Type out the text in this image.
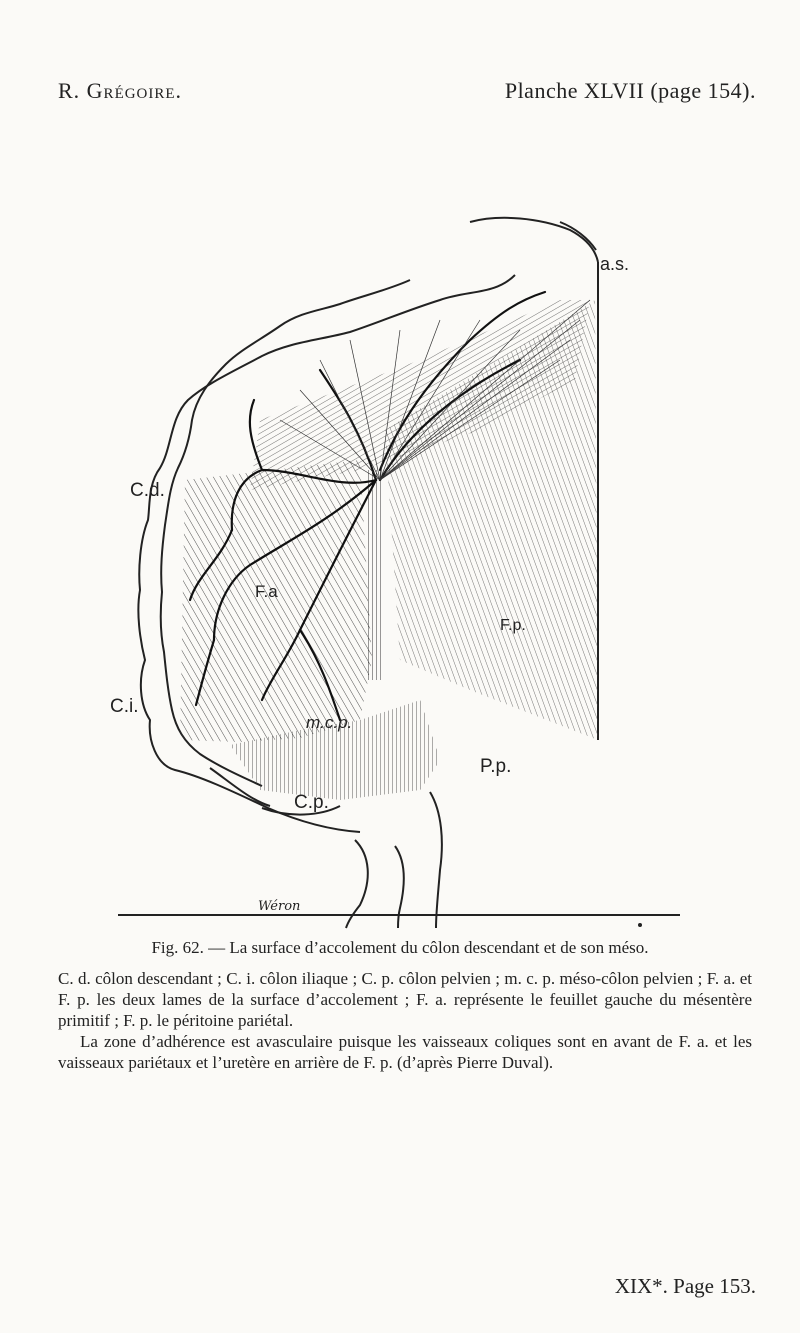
R. Grégoire.	Planche XLVII (page 154).
a.s.
C.d.
C.i.
F.a
F.p.
P.p.
m.c.p.
C.p.
Wéron
Fig. 62. — La surface d’accolement du côlon descendant et de son méso.

C. d. côlon descendant ; C. i. côlon iliaque ; C. p. côlon pelvien ; m. c. p. méso-côlon pelvien ; F. a. et F. p. les deux lames de la surface d’accolement ; F. a. représente le feuillet gauche du mésentère primitif ; F. p. le péritoine pariétal.

La zone d’adhérence est avasculaire puisque les vaisseaux coliques sont en avant de F. a. et les vaisseaux pariétaux et l’uretère en arrière de F. p. (d’après Pierre Duval).

XIX*. Page 153.
